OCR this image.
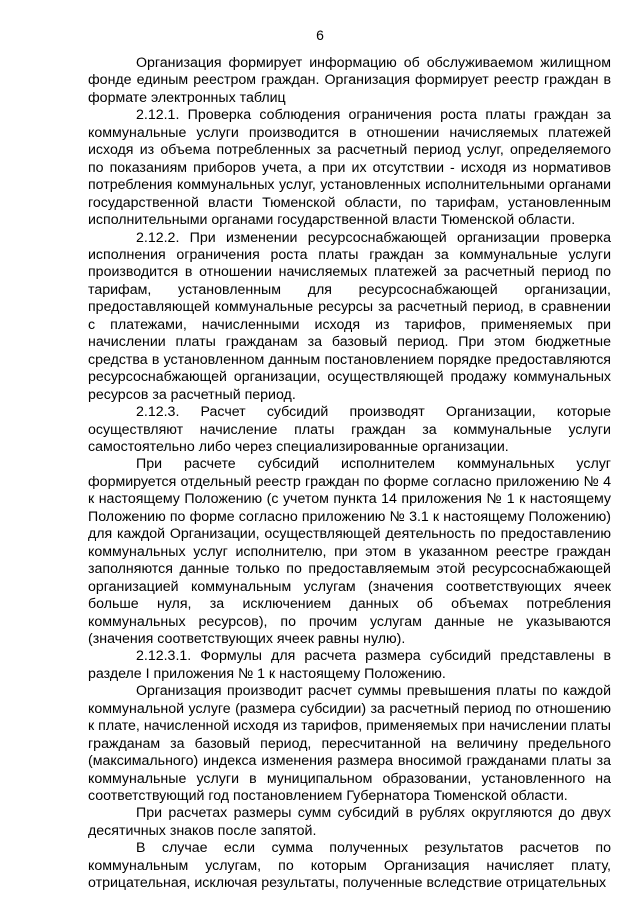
6

Организация формирует информацию об обслуживаемом жилищном фонде единым реестром граждан. Организация формирует реестр граждан в формате электронных таблиц

2.12.1. Проверка соблюдения ограничения роста платы граждан за коммунальные услуги производится в отношении начисляемых платежей исходя из объема потребленных за расчетный период услуг, определяемого по показаниям приборов учета, а при их отсутствии - исходя из нормативов потребления коммунальных услуг, установленных исполнительными органами государственной власти Тюменской области, по тарифам, установленным исполнительными органами государственной власти Тюменской области.

2.12.2. При изменении ресурсоснабжающей организации проверка исполнения ограничения роста платы граждан за коммунальные услуги производится в отношении начисляемых платежей за расчетный период по тарифам, установленным для ресурсоснабжающей организации, предоставляющей коммунальные ресурсы за расчетный период, в сравнении с платежами, начисленными исходя из тарифов, применяемых при начислении платы гражданам за базовый период. При этом бюджетные средства в установленном данным постановлением порядке предоставляются ресурсоснабжающей организации, осуществляющей продажу коммунальных ресурсов за расчетный период.

2.12.3. Расчет субсидий производят Организации, которые осуществляют начисление платы граждан за коммунальные услуги самостоятельно либо через специализированные организации.

При расчете субсидий исполнителем коммунальных услуг формируется отдельный реестр граждан по форме согласно приложению № 4 к настоящему Положению (с учетом пункта 14 приложения № 1 к настоящему Положению по форме согласно приложению № 3.1 к настоящему Положению) для каждой Организации, осуществляющей деятельность по предоставлению коммунальных услуг исполнителю, при этом в указанном реестре граждан заполняются данные только по предоставляемым этой ресурсоснабжающей организацией коммунальным услугам (значения соответствующих ячеек больше нуля, за исключением данных об объемах потребления коммунальных ресурсов), по прочим услугам данные не указываются (значения соответствующих ячеек равны нулю).

2.12.3.1. Формулы для расчета размера субсидий представлены в разделе I приложения № 1 к настоящему Положению.

Организация производит расчет суммы превышения платы по каждой коммунальной услуге (размера субсидии) за расчетный период по отношению к плате, начисленной исходя из тарифов, применяемых при начислении платы гражданам за базовый период, пересчитанной на величину предельного (максимального) индекса изменения размера вносимой гражданами платы за коммунальные услуги в муниципальном образовании, установленного на соответствующий год постановлением Губернатора Тюменской области.

При расчетах размеры сумм субсидий в рублях округляются до двух десятичных знаков после запятой.

В случае если сумма полученных результатов расчетов по коммунальным услугам, по которым Организация начисляет плату, отрицательная, исключая результаты, полученные вследствие отрицательных
